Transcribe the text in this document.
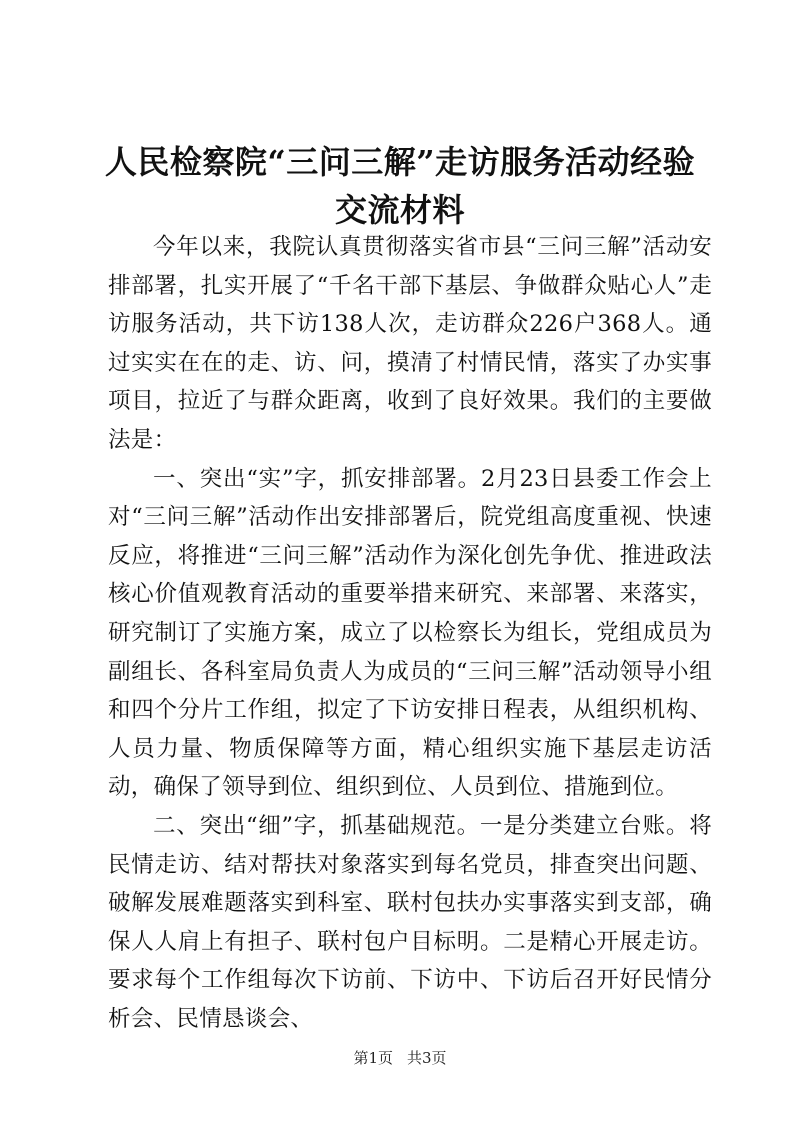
人民检察院“三问三解”走访服务活动经验交流材料

今年以来，我院认真贯彻落实省市县“三问三解”活动安排部署，扎实开展了“千名干部下基层、争做群众贴心人”走访服务活动，共下访138人次，走访群众226户368人。通过实实在在的走、访、问，摸清了村情民情，落实了办实事项目，拉近了与群众距离，收到了良好效果。我们的主要做法是：

一、突出“实”字，抓安排部署。2月23日县委工作会上对“三问三解”活动作出安排部署后，院党组高度重视、快速反应，将推进“三问三解”活动作为深化创先争优、推进政法核心价值观教育活动的重要举措来研究、来部署、来落实，研究制订了实施方案，成立了以检察长为组长，党组成员为副组长、各科室局负责人为成员的“三问三解”活动领导小组和四个分片工作组，拟定了下访安排日程表，从组织机构、人员力量、物质保障等方面，精心组织实施下基层走访活动，确保了领导到位、组织到位、人员到位、措施到位。

二、突出“细”字，抓基础规范。一是分类建立台账。将民情走访、结对帮扶对象落实到每名党员，排查突出问题、破解发展难题落实到科室、联村包扶办实事落实到支部，确保人人肩上有担子、联村包户目标明。二是精心开展走访。要求每个工作组每次下访前、下访中、下访后召开好民情分析会、民情恳谈会、

第1页 共3页
